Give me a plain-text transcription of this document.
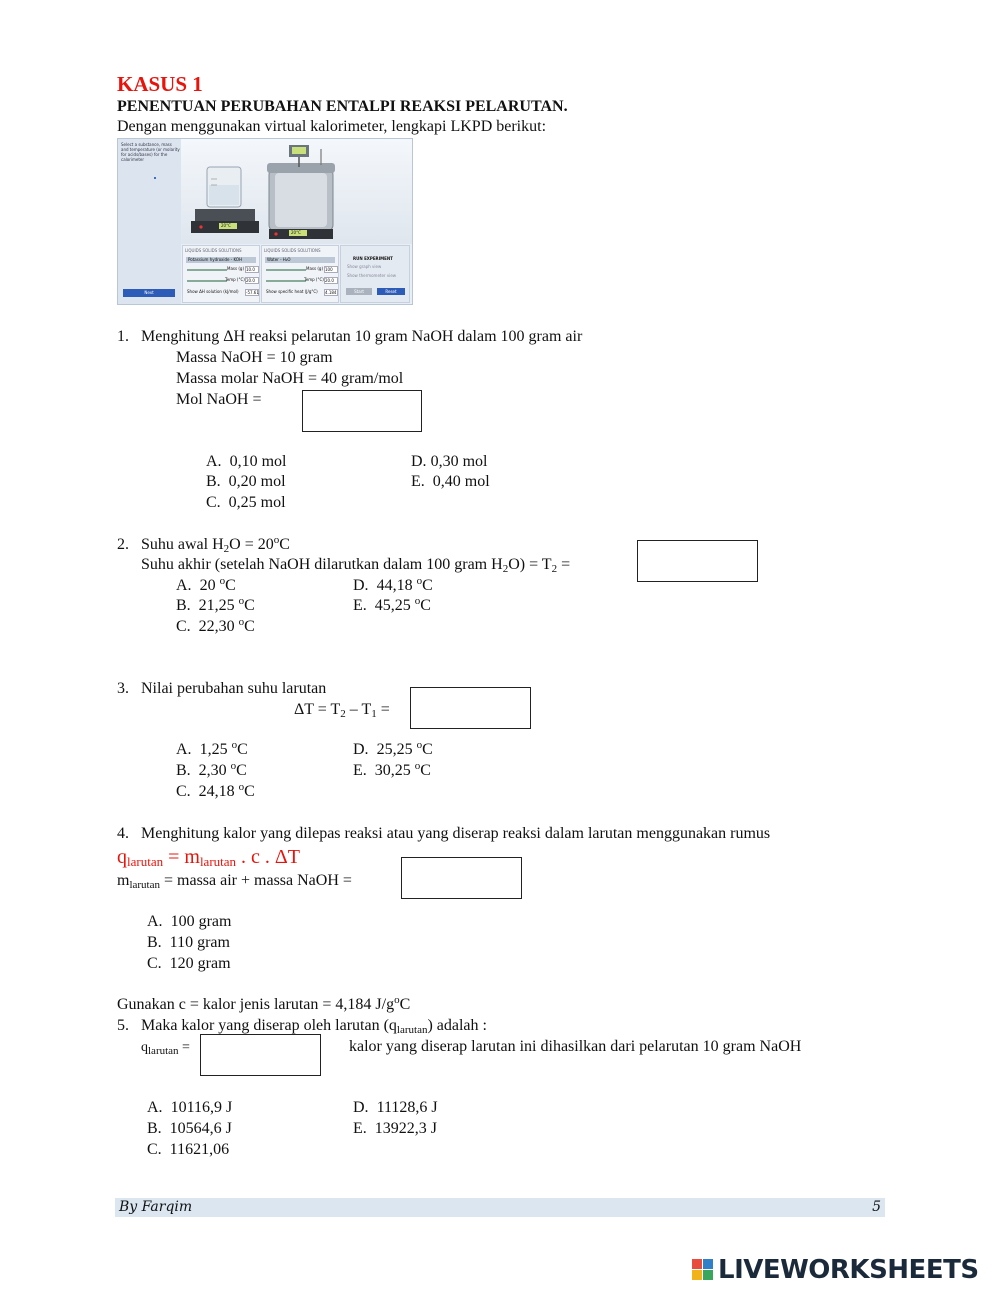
KASUS 1
PENENTUAN PERUBAHAN ENTALPI REAKSI PELARUTAN.
Dengan menggunakan virtual kalorimeter, lengkapi LKPD berikut:
Select a substance, mass
and temperature (or molarity
for acids/bases) for the
calorimeter
Next
20°C
20°C
LIQUIDS SOLIDS SOLUTIONS
Potassium hydroxide - KOH
Mass (g) 10.0
Temp (°C) 20.0
Show ΔH solution (kJ/mol) -57.61
LIQUIDS SOLIDS SOLUTIONS
Water - H₂O
Mass (g) 100
Temp (°C) 20.0
Show specific heat (J/g°C) 4.184
RUN EXPERIMENT
Show graph view
Show thermometer view
Start	Reset
1. Menghitung ΔH reaksi pelarutan 10 gram NaOH dalam 100 gram air
Massa NaOH = 10 gram
Massa molar NaOH = 40 gram/mol
Mol NaOH =
A. 0,10 mol
B. 0,20 mol
C. 0,25 mol
D. 0,30 mol
E. 0,40 mol
2. Suhu awal $H_2O = 20^oC$
Suhu akhir (setelah NaOH dilarutkan dalam 100 gram $H_2O) = T_2$ =
A. 20 $^o$C
B. 21,25 $^o$C
C. 22,30 $^o$C
D. 44,18 $^o$C
E. 45,25 $^o$C
3. Nilai perubahan suhu larutan
$\Delta T = T_2 - T_1$ =
A. 1,25 $^o$C
B. 2,30 $^o$C
C. 24,18 $^o$C
D. 25,25 $^o$C
E. 30,25 $^o$C
4. Menghitung kalor yang dilepas reaksi atau yang diserap reaksi dalam larutan menggunakan rumus
$q_{larutan} = m_{larutan}$ . c . ΔT
$m_{larutan}$ = massa air + massa NaOH =
A. 100 gram
B. 110 gram
C. 120 gram
Gunakan c = kalor jenis larutan = 4,184 $J/g^oC$
5. Maka kalor yang diserap oleh larutan $(q_{larutan})$ adalah :
$q_{larutan}$ =	kalor yang diserap larutan ini dihasilkan dari pelarutan 10 gram NaOH
A. 10116,9 J
B. 10564,6 J
C. 11621,06
D. 11128,6 J
E. 13922,3 J
By Farqim	5
LIVEWORKSHEETS
